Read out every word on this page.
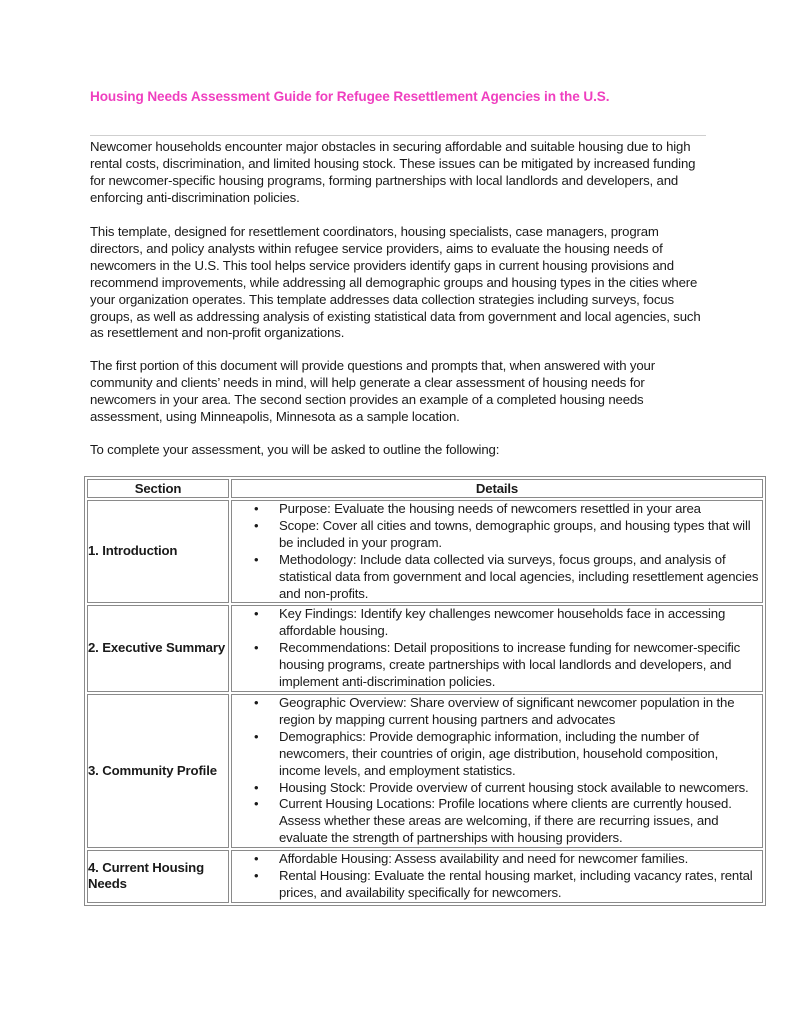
Housing Needs Assessment Guide for Refugee Resettlement Agencies in the U.S.

Newcomer households encounter major obstacles in securing affordable and suitable housing due to high rental costs, discrimination, and limited housing stock. These issues can be mitigated by increased funding for newcomer-specific housing programs, forming partnerships with local landlords and developers, and enforcing anti-discrimination policies.

This template, designed for resettlement coordinators, housing specialists, case managers, program directors, and policy analysts within refugee service providers, aims to evaluate the housing needs of newcomers in the U.S. This tool helps service providers identify gaps in current housing provisions and recommend improvements, while addressing all demographic groups and housing types in the cities where your organization operates. This template addresses data collection strategies including surveys, focus groups, as well as addressing analysis of existing statistical data from government and local agencies, such as resettlement and non-profit organizations.

The first portion of this document will provide questions and prompts that, when answered with your community and clients’ needs in mind, will help generate a clear assessment of housing needs for newcomers in your area. The second section provides an example of a completed housing needs assessment, using Minneapolis, Minnesota as a sample location.

To complete your assessment, you will be asked to outline the following:

Section	Details
1. Introduction	
• Purpose: Evaluate the housing needs of newcomers resettled in your area
• Scope: Cover all cities and towns, demographic groups, and housing types that will be included in your program.
• Methodology: Include data collected via surveys, focus groups, and analysis of statistical data from government and local agencies, including resettlement agencies and non-profits.

2. Executive Summary	
• Key Findings: Identify key challenges newcomer households face in accessing affordable housing.
• Recommendations: Detail propositions to increase funding for newcomer-specific housing programs, create partnerships with local landlords and developers, and implement anti-discrimination policies.

3. Community Profile	
• Geographic Overview: Share overview of significant newcomer population in the region by mapping current housing partners and advocates
• Demographics: Provide demographic information, including the number of newcomers, their countries of origin, age distribution, household composition, income levels, and employment statistics.
• Housing Stock: Provide overview of current housing stock available to newcomers.
• Current Housing Locations: Profile locations where clients are currently housed. Assess whether these areas are welcoming, if there are recurring issues, and evaluate the strength of partnerships with housing providers.

4. Current Housing Needs	
• Affordable Housing: Assess availability and need for newcomer families.
• Rental Housing: Evaluate the rental housing market, including vacancy rates, rental prices, and availability specifically for newcomers.
